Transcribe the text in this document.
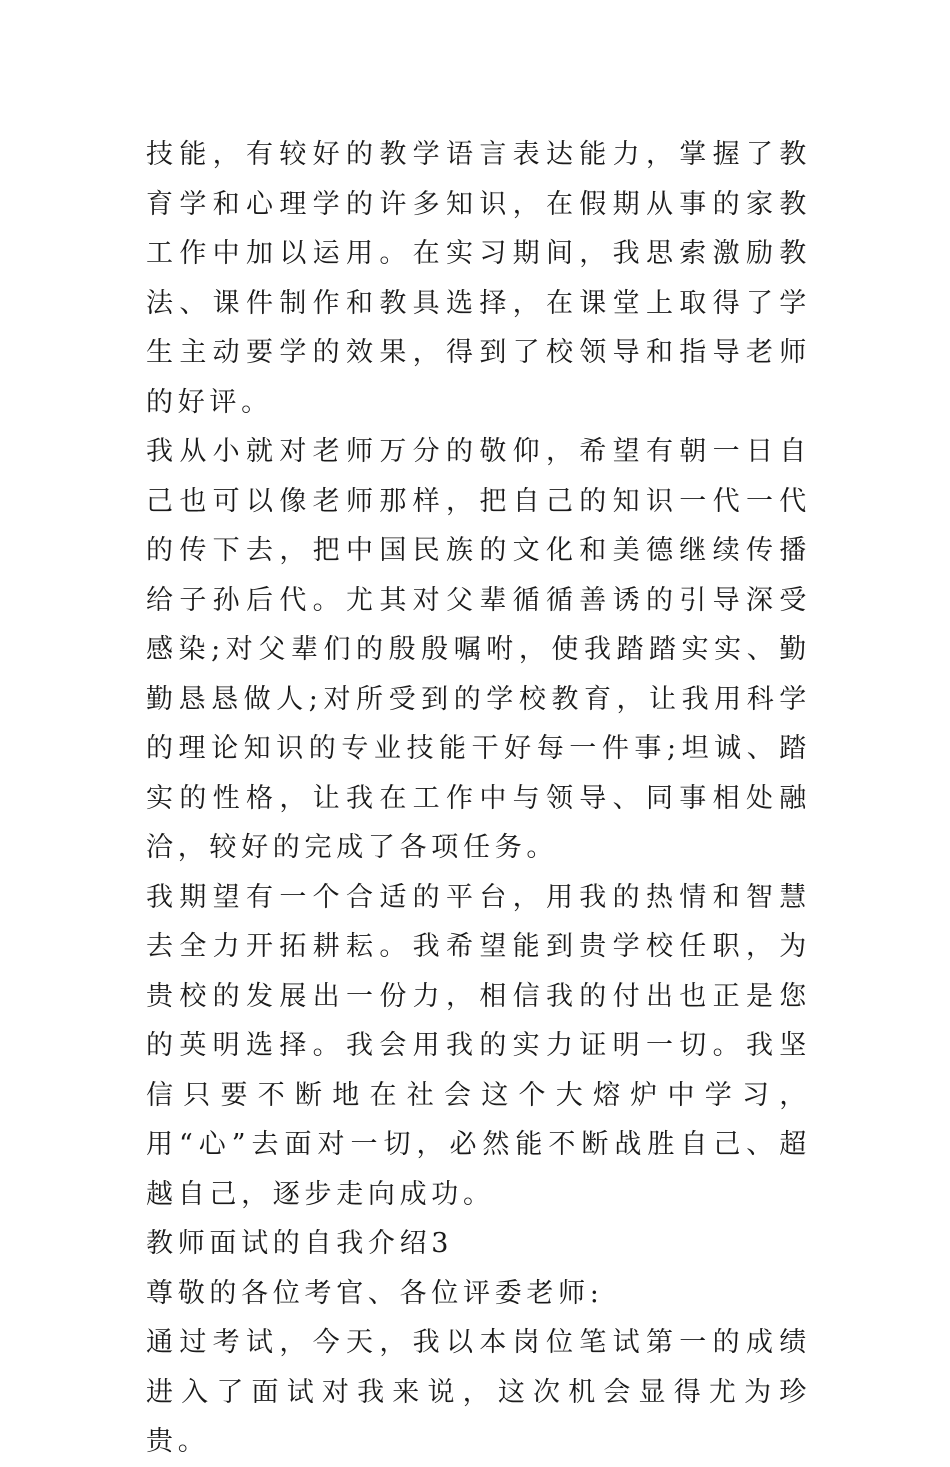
技能，有较好的教学语言表达能力，掌握了教育学和心理学的许多知识，在假期从事的家教工作中加以运用。在实习期间，我思索激励教法、课件制作和教具选择，在课堂上取得了学生主动要学的效果，得到了校领导和指导老师的好评。

我从小就对老师万分的敬仰，希望有朝一日自己也可以像老师那样，把自己的知识一代一代的传下去，把中国民族的文化和美德继续传播给子孙后代。尤其对父辈循循善诱的引导深受感染;对父辈们的殷殷嘱咐，使我踏踏实实、勤勤恳恳做人;对所受到的学校教育，让我用科学的理论知识的专业技能干好每一件事;坦诚、踏实的性格，让我在工作中与领导、同事相处融洽，较好的完成了各项任务。

我期望有一个合适的平台，用我的热情和智慧去全力开拓耕耘。我希望能到贵学校任职，为贵校的发展出一份力，相信我的付出也正是您的英明选择。我会用我的实力证明一切。我坚信只要不断地在社会这个大熔炉中学习，用“心”去面对一切，必然能不断战胜自己、超越自己，逐步走向成功。

教师面试的自我介绍3

尊敬的各位考官、各位评委老师:

通过考试，今天，我以本岗位笔试第一的成绩进入了面试对我来说，这次机会显得尤为珍贵。
